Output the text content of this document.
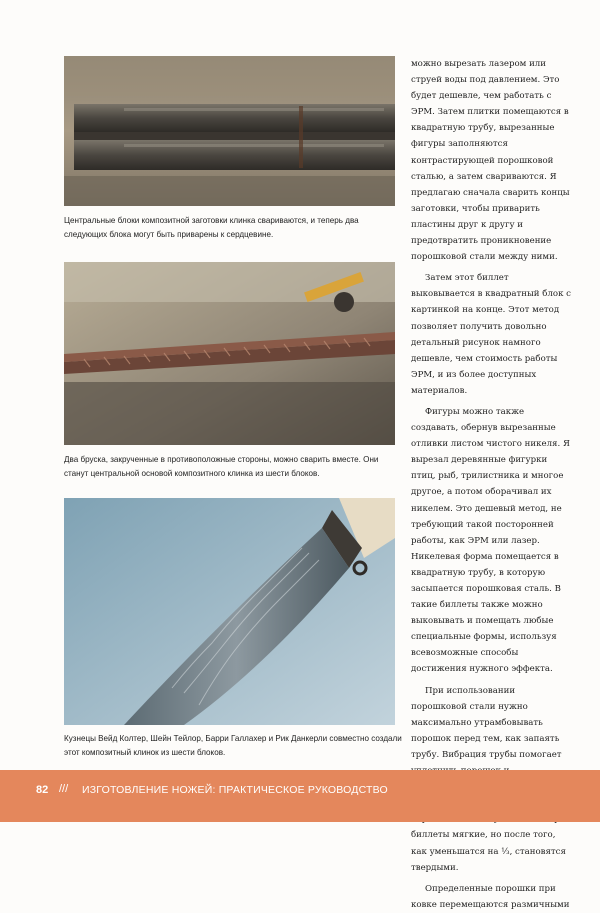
Центральные блоки композитной заготовки клинка свариваются, и теперь два следующих блока могут быть приварены к сердцевине.
Два бруска, закрученные в противоположные стороны, можно сварить вместе. Они станут центральной основой композитного клинка из шести блоков.
Кузнецы Вейд Колтер, Шейн Тейлор, Барри Галлахер и Рик Данкерли совместно создали этот композитный клинок из шести блоков.

можно вырезать лазером или струей воды под давлением. Это будет дешевле, чем работать с ЭРМ. Затем плитки помещаются в квадратную трубу, вырезанные фигуры заполняются контрастирующей порошковой сталью, а затем свариваются. Я предлагаю сначала сварить концы заготовки, чтобы приварить пластины друг к другу и предотвратить проникновение порошковой стали между ними.

Затем этот биллет выковывается в квадратный блок с картинкой на конце. Этот метод позволяет получить довольно детальный рисунок намного дешевле, чем стоимость работы ЭРМ, и из более доступных материалов.

Фигуры можно также создавать, обернув вырезанные отливки листом чистого никеля. Я вырезал деревянные фигурки птиц, рыб, трилистника и многое другое, а потом оборачивал их никелем. Это дешевый метод, не требующий такой посторонней работы, как ЭРМ или лазер. Никелевая форма помещается в квадратную трубу, в которую засыпается порошковая сталь. В такие биллеты также можно выковывать и помещать любые специальные формы, используя всевозможные способы достижения нужного эффекта.

При использовании порошковой стали нужно максимально утрамбовывать порошок перед тем, как запаять трубу. Вибрация трубы помогает биллеты мягкие, но после того, как уменьшатся на ⅓, становятся твердыми.

Определенные порошки при ковке перемещаются размичными

82 /// ИЗГОТОВЛЕНИЕ НОЖЕЙ: ПРАКТИЧЕСКОЕ РУКОВОДСТВО
